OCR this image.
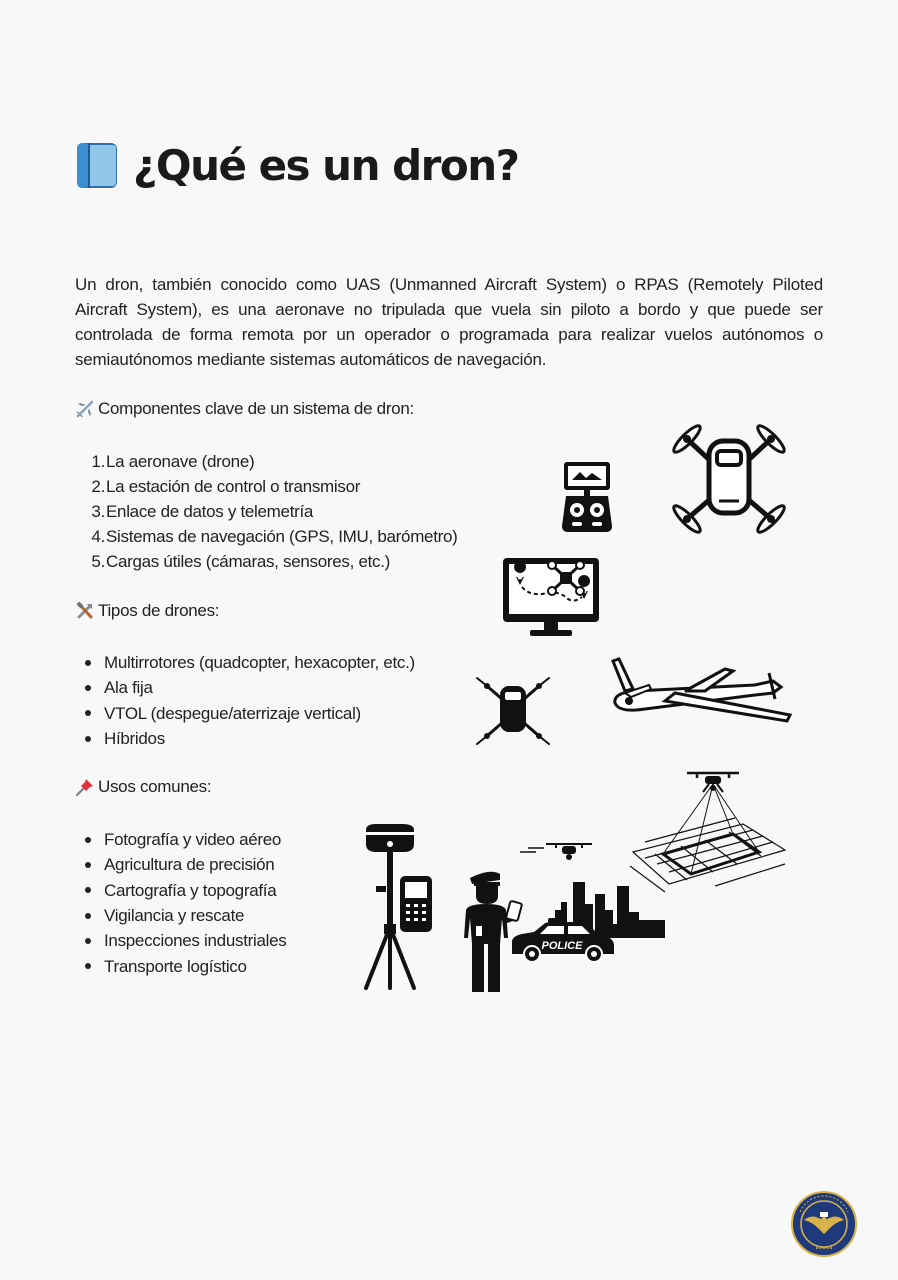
¿Qué es un dron?

Un dron, también conocido como UAS (Unmanned Aircraft System) o RPAS (Remotely Piloted Aircraft System), es una aeronave no tripulada que vuela sin piloto a bordo y que puede ser controlada de forma remota por un operador o programada para realizar vuelos autónomos o semiautónomos mediante sistemas automáticos de navegación.

Componentes clave de un sistema de dron:
1. La aeronave (drone)
2. La estación de control o transmisor
3. Enlace de datos y telemetría
4. Sistemas de navegación (GPS, IMU, barómetro)
5. Cargas útiles (cámaras, sensores, etc.)
Tipos de drones:
Multirrotores (quadcopter, hexacopter, etc.)
Ala fija
VTOL (despegue/aterrizaje vertical)
Híbridos
Usos comunes:
Fotografía y video aéreo
Agricultura de precisión
Cartografía y topografía
Vigilancia y rescate
Inspecciones industriales
Transporte logístico
POLICE
